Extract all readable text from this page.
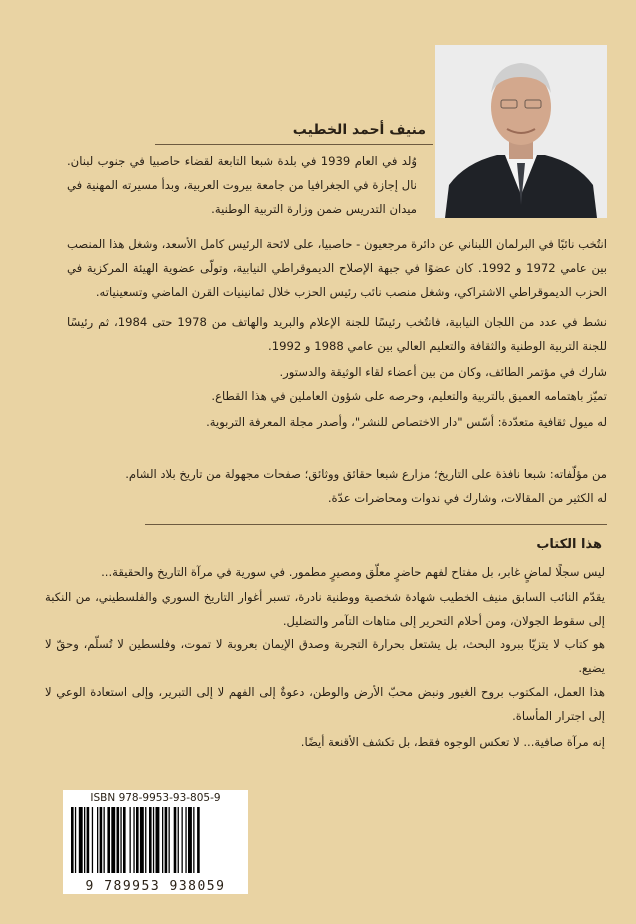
منيف أحمد الخطيب

وُلد في العام 1939 في بلدة شبعا التابعة لقضاء حاصبيا في جنوب لبنان. نال إجازة في الجغرافيا من جامعة بيروت العربية، وبدأ مسيرته المهنية في ميدان التدريس ضمن وزارة التربية الوطنية.

انتُخب نائبًا في البرلمان اللبناني عن دائرة مرجعيون - حاصبيا، على لائحة الرئيس كامل الأسعد، وشغل هذا المنصب بين عامي 1972 و 1992. كان عضوًا في جبهة الإصلاح الديموقراطي النيابية، وتولّى عضوية الهيئة المركزية في الحزب الديموقراطي الاشتراكي، وشغل منصب نائب رئيس الحزب خلال ثمانينيات القرن الماضي وتسعينياته.

نشط في عدد من اللجان النيابية، فانتُخب رئيسًا للجنة الإعلام والبريد والهاتف من 1978 حتى 1984، ثم رئيسًا للجنة التربية الوطنية والثقافة والتعليم العالي بين عامي 1988 و 1992.

شارك في مؤتمر الطائف، وكان من بين أعضاء لقاء الوثيقة والدستور.

تميّز باهتمامه العميق بالتربية والتعليم، وحرصه على شؤون العاملين في هذا القطاع.

له ميول ثقافية متعدّدة: أسّس "دار الاختصاص للنشر"، وأصدر مجلة المعرفة التربوية.

من مؤلّفاته: شبعا نافذة على التاريخ؛ مزارع شبعا حقائق ووثائق؛ صفحات مجهولة من تاريخ بلاد الشام.

له الكثير من المقالات، وشارك في ندوات ومحاضرات عدّة.

هذا الكتاب

ليس سجلًا لماضٍ غابر، بل مفتاح لفهم حاضرٍ معلّق ومصيرٍ مطمور. في سورية في مرآة التاريخ والحقيقة...

يقدّم النائب السابق منيف الخطيب شهادة شخصية ووطنية نادرة، تسبر أغوار التاريخ السوري والفلسطيني، من النكبة إلى سقوط الجولان، ومن أحلام التحرير إلى متاهات التآمر والتضليل.

هو كتاب لا يتزيّا ببرود البحث، بل يشتعل بحرارة التجربة وصدق الإيمان بعروبة لا تموت، وفلسطين لا تُسلّم، وحقّ لا يضيع.

هذا العمل، المكتوب بروح الغيور ونبض محبّ الأرض والوطن، دعوةٌ إلى الفهم لا إلى التبرير، وإلى استعادة الوعي لا إلى اجترار المأساة.

إنه مرآة صافية... لا تعكس الوجوه فقط، بل تكشف الأقنعة أيضًا.

ISBN 978-9953-93-805-9
9 789953 938059
